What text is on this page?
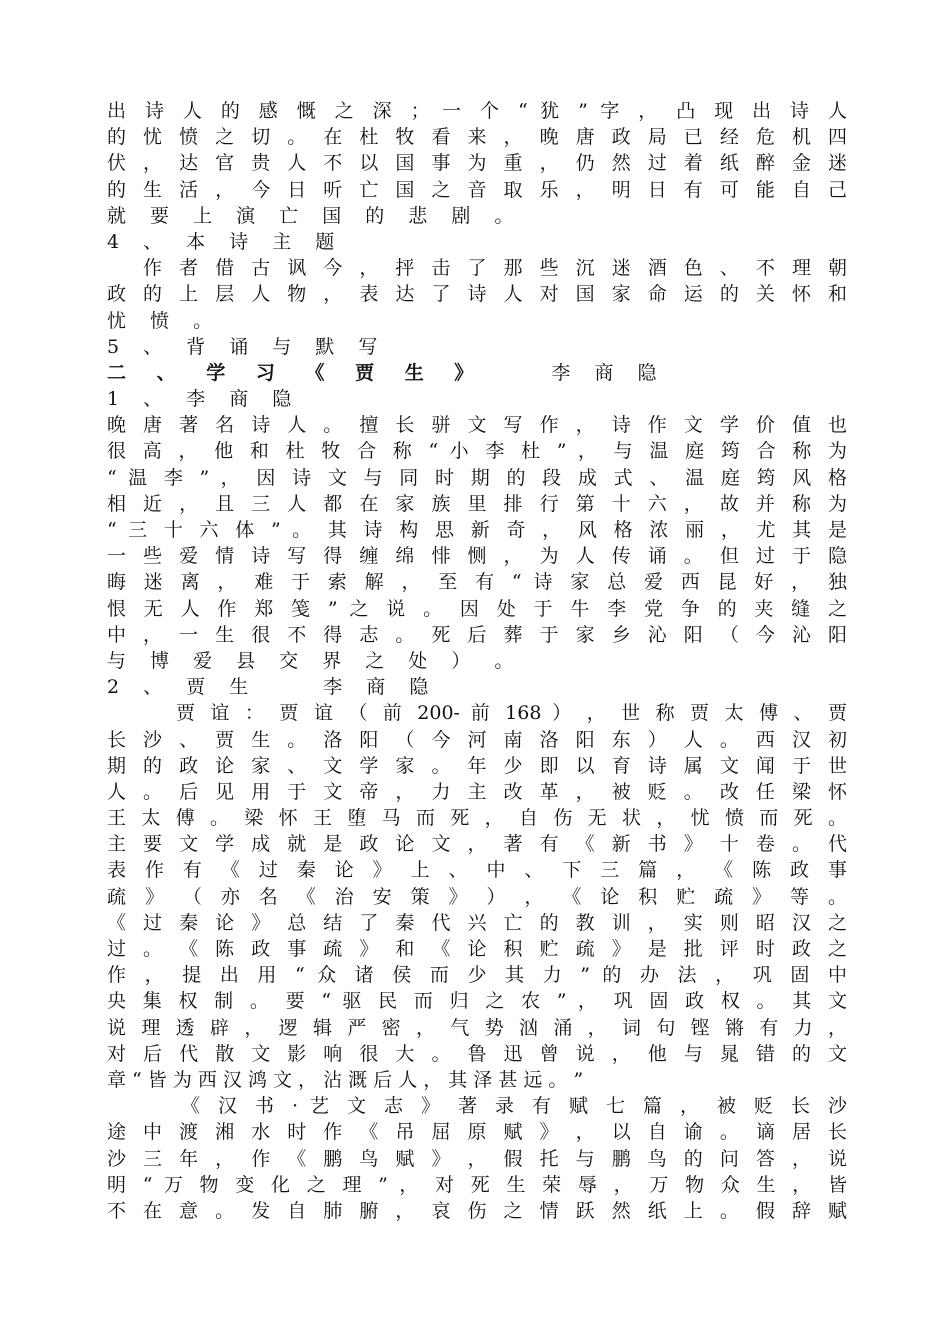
出 诗 人 的 感 慨 之 深 ； 一 个 “ 犹 ” 字 ， 凸 现 出 诗 人
的 忧 愤 之 切 。 在 杜 牧 看 来 ， 晚 唐 政 局 已 经 危 机 四
伏 ， 达 官 贵 人 不 以 国 事 为 重 ， 仍 然 过 着 纸 醉 金 迷
的 生 活 ， 今 日 听 亡 国 之 音 取 乐 ， 明 日 有 可 能 自 己
就 要 上 演 亡 国 的 悲 剧 。
4 、 本 诗 主 题
　 作 者 借 古 讽 今 ， 抨 击 了 那 些 沉 迷 酒 色 、 不 理 朝
政 的 上 层 人 物 ， 表 达 了 诗 人 对 国 家 命 运 的 关 怀 和
忧 愤 。
5 、 背 诵 与 默 写
二 、 学 习 《 贾 生 》	李 商 隐
1 、 李 商 隐
晚 唐 著 名 诗 人 。 擅 长 骈 文 写 作 ， 诗 作 文 学 价 值 也
很 高 ， 他 和 杜 牧 合 称 “ 小 李 杜 ” ， 与 温 庭 筠 合 称 为
“ 温 李 ” ， 因 诗 文 与 同 时 期 的 段 成 式 、 温 庭 筠 风 格
相 近 ， 且 三 人 都 在 家 族 里 排 行 第 十 六 ， 故 并 称 为
“ 三 十 六 体 ” 。 其 诗 构 思 新 奇 ， 风 格 浓 丽 ， 尤 其 是
一 些 爱 情 诗 写 得 缠 绵 悱 恻 ， 为 人 传 诵 。 但 过 于 隐
晦 迷 离 ， 难 于 索 解 ， 至 有 “ 诗 家 总 爱 西 昆 好 ， 独
恨 无 人 作 郑 笺 ” 之 说 。 因 处 于 牛 李 党 争 的 夹 缝 之
中 ， 一 生 很 不 得 志 。 死 后 葬 于 家 乡 沁 阳 （ 今 沁 阳
与 博 爱 县 交 界 之 处 ） 。
2 、 贾 生	李 商 隐
　 　 贾 谊 ： 贾 谊 （ 前 200- 前 168 ） ， 世 称 贾 太 傅 、 贾
长 沙 、 贾 生 。 洛 阳 （ 今 河 南 洛 阳 东 ） 人 。 西 汉 初
期 的 政 论 家 、 文 学 家 。 年 少 即 以 育 诗 属 文 闻 于 世
人 。 后 见 用 于 文 帝 ， 力 主 改 革 ， 被 贬 。 改 任 梁 怀
王 太 傅 。 梁 怀 王 堕 马 而 死 ， 自 伤 无 状 ， 忧 愤 而 死 。
主 要 文 学 成 就 是 政 论 文 ， 著 有 《 新 书 》 十 卷 。 代
表 作 有 《 过 秦 论 》 上 、 中 、 下 三 篇 ， 《 陈 政 事
疏 》 （ 亦 名 《 治 安 策 》 ） ， 《 论 积 贮 疏 》 等 。
《 过 秦 论 》 总 结 了 秦 代 兴 亡 的 教 训 ， 实 则 昭 汉 之
过 。 《 陈 政 事 疏 》 和 《 论 积 贮 疏 》 是 批 评 时 政 之
作 ， 提 出 用 “ 众 诸 侯 而 少 其 力 ” 的 办 法 ， 巩 固 中
央 集 权 制 。 要 “ 驱 民 而 归 之 农 ” ， 巩 固 政 权 。 其 文
说 理 透 辟 ， 逻 辑 严 密 ， 气 势 汹 涌 ， 词 句 铿 锵 有 力 ，
对 后 代 散 文 影 响 很 大 。 鲁 迅 曾 说 ， 他 与 晁 错 的 文
章 “ 皆 为 西 汉 鸿 文 ， 沾 溉 后 人 ， 其 泽 甚 远 。 ”
　 　 《 汉 书 · 艺 文 志 》 著 录 有 赋 七 篇 ， 被 贬 长 沙
途 中 渡 湘 水 时 作 《 吊 屈 原 赋 》 ， 以 自 谕 。 谪 居 长
沙 三 年 ， 作 《 鹏 鸟 赋 》 ， 假 托 与 鹏 鸟 的 问 答 ， 说
明 “ 万 物 变 化 之 理 ” ， 对 死 生 荣 辱 ， 万 物 众 生 ， 皆
不 在 意 。 发 自 肺 腑 ， 哀 伤 之 情 跃 然 纸 上 。 假 辞 赋
